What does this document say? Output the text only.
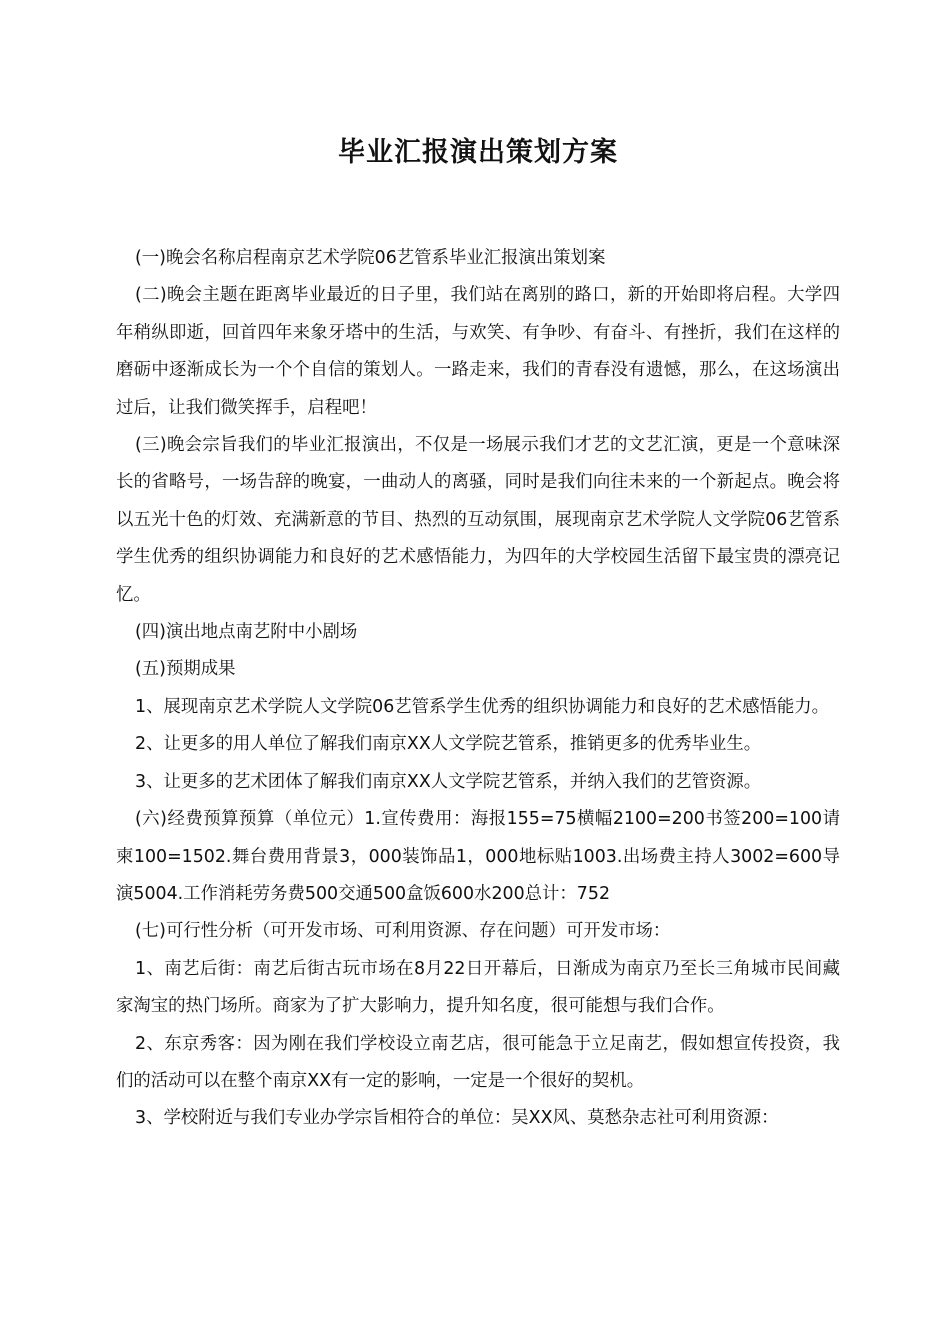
毕业汇报演出策划方案

(一)晚会名称启程南京艺术学院06艺管系毕业汇报演出策划案

(二)晚会主题在距离毕业最近的日子里，我们站在离别的路口，新的开始即将启程。大学四年稍纵即逝，回首四年来象牙塔中的生活，与欢笑、有争吵、有奋斗、有挫折，我们在这样的磨砺中逐渐成长为一个个自信的策划人。一路走来，我们的青春没有遗憾，那么，在这场演出过后，让我们微笑挥手，启程吧！

(三)晚会宗旨我们的毕业汇报演出，不仅是一场展示我们才艺的文艺汇演，更是一个意味深长的省略号，一场告辞的晚宴，一曲动人的离骚，同时是我们向往未来的一个新起点。晚会将以五光十色的灯效、充满新意的节目、热烈的互动氛围，展现南京艺术学院人文学院06艺管系学生优秀的组织协调能力和良好的艺术感悟能力，为四年的大学校园生活留下最宝贵的漂亮记忆。

(四)演出地点南艺附中小剧场

(五)预期成果

1、展现南京艺术学院人文学院06艺管系学生优秀的组织协调能力和良好的艺术感悟能力。

2、让更多的用人单位了解我们南京XX人文学院艺管系，推销更多的优秀毕业生。

3、让更多的艺术团体了解我们南京XX人文学院艺管系，并纳入我们的艺管资源。

(六)经费预算预算（单位元）1.宣传费用：海报155=75横幅2100=200书签200=100请柬100=1502.舞台费用背景3，000装饰品1，000地标贴1003.出场费主持人3002=600导演5004.工作消耗劳务费500交通500盒饭600水200总计：752

(七)可行性分析（可开发市场、可利用资源、存在问题）可开发市场：

1、南艺后街：南艺后街古玩市场在8月22日开幕后，日渐成为南京乃至长三角城市民间藏家淘宝的热门场所。商家为了扩大影响力，提升知名度，很可能想与我们合作。

2、东京秀客：因为刚在我们学校设立南艺店，很可能急于立足南艺，假如想宣传投资，我们的活动可以在整个南京XX有一定的影响，一定是一个很好的契机。

3、学校附近与我们专业办学宗旨相符合的单位：吴XX风、莫愁杂志社可利用资源：
